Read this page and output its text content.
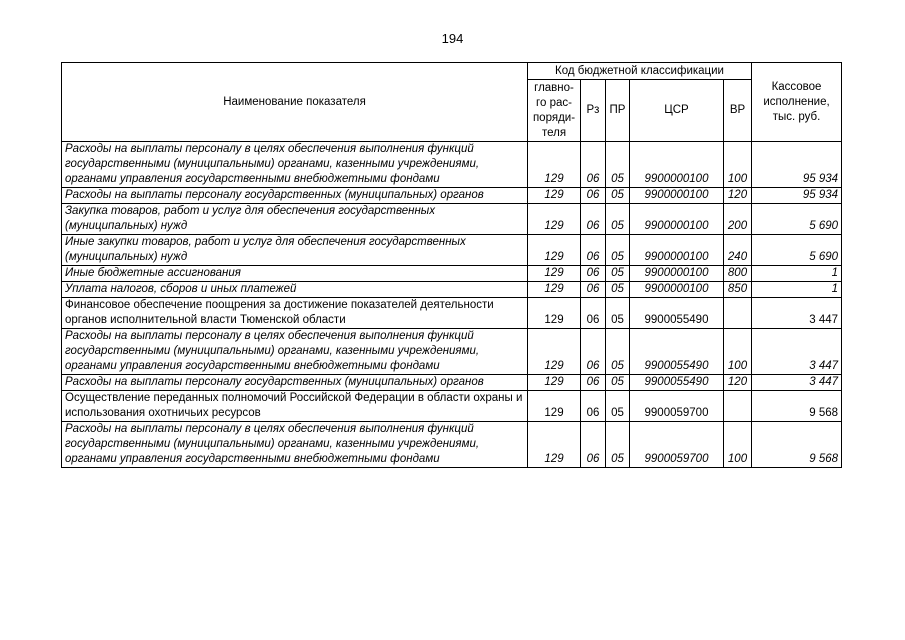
194
Наименование показателя	Код бюджетной классификации					Кассовое исполнение, тыс. руб.
	главно-го рас-поряди-теля	Рз	ПР	ЦСР	ВР	
Расходы на выплаты персоналу в целях обеспечения выполнения функций государственными (муниципальными) органами, казенными учреждениями, органами управления государственными внебюджетными фондами	129	06	05	9900000100	100	95 934
Расходы на выплаты персоналу государственных (муниципальных) органов	129	06	05	9900000100	120	95 934
Закупка товаров, работ и услуг для обеспечения государственных (муниципальных) нужд	129	06	05	9900000100	200	5 690
Иные закупки товаров, работ и услуг для обеспечения государственных (муниципальных) нужд	129	06	05	9900000100	240	5 690
Иные бюджетные ассигнования	129	06	05	9900000100	800	1
Уплата налогов, сборов и иных платежей	129	06	05	9900000100	850	1
Финансовое обеспечение поощрения за достижение показателей деятельности органов исполнительной власти Тюменской области	129	06	05	9900055490		3 447
Расходы на выплаты персоналу в целях обеспечения выполнения функций государственными (муниципальными) органами, казенными учреждениями, органами управления государственными внебюджетными фондами	129	06	05	9900055490	100	3 447
Расходы на выплаты персоналу государственных (муниципальных) органов	129	06	05	9900055490	120	3 447
Осуществление переданных полномочий Российской Федерации в области охраны и использования охотничьих ресурсов	129	06	05	9900059700		9 568
Расходы на выплаты персоналу в целях обеспечения выполнения функций государственными (муниципальными) органами, казенными учреждениями, органами управления государственными внебюджетными фондами	129	06	05	9900059700	100	9 568
